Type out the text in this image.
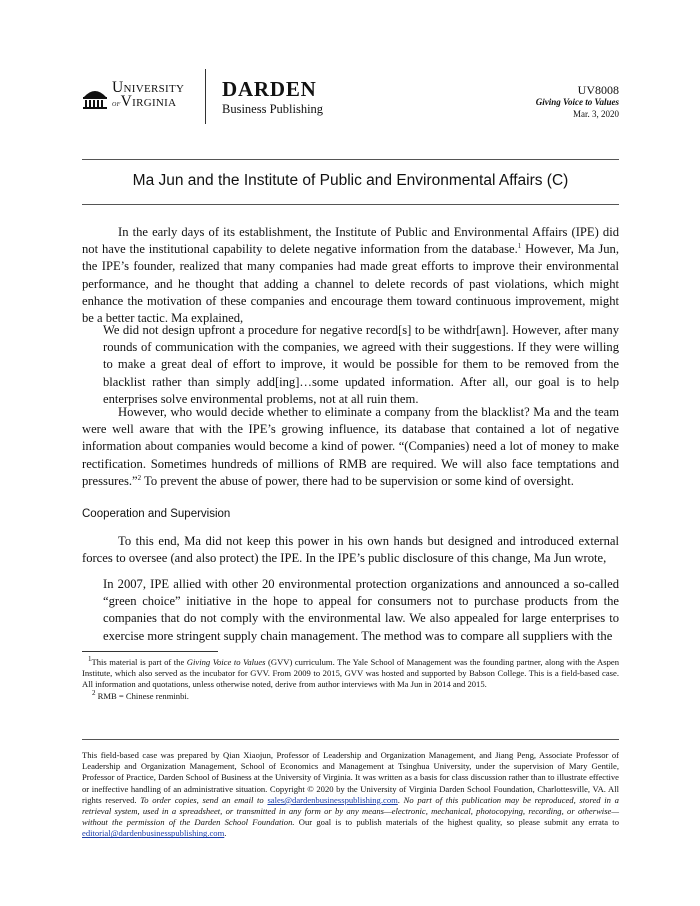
University
ofVirginia
DARDEN
Business Publishing
UV8008
Giving Voice to Values
Mar. 3, 2020
Ma Jun and the Institute of Public and Environmental Affairs (C)

In the early days of its establishment, the Institute of Public and Environmental Affairs (IPE) did not have the institutional capability to delete negative information from the database.$^1$ However, Ma Jun, the IPE’s founder, realized that many companies had made great efforts to improve their environmental performance, and he thought that adding a channel to delete records of past violations, which might enhance the motivation of these companies and encourage them toward continuous improvement, might be a better tactic. Ma explained,

We did not design upfront a procedure for negative record[s] to be withdr[awn]. However, after many rounds of communication with the companies, we agreed with their suggestions. If they were willing to make a great deal of effort to improve, it would be possible for them to be removed from the blacklist rather than simply add[ing]…some updated information. After all, our goal is to help enterprises solve environmental problems, not at all ruin them.

However, who would decide whether to eliminate a company from the blacklist? Ma and the team were well aware that with the IPE’s growing influence, its database that contained a lot of negative information about companies would become a kind of power. “(Companies) need a lot of money to make rectification. Sometimes hundreds of millions of RMB are required. We will also face temptations and pressures.”$^2$ To prevent the abuse of power, there had to be supervision or some kind of oversight.

Cooperation and Supervision

To this end, Ma did not keep this power in his own hands but designed and introduced external forces to oversee (and also protect) the IPE. In the IPE’s public disclosure of this change, Ma Jun wrote,

In 2007, IPE allied with other 20 environmental protection organizations and announced a so-called “green choice” initiative in the hope to appeal for consumers not to purchase products from the companies that do not comply with the environmental law. We also appealed for large enterprises to exercise more stringent supply chain management. The method was to compare all suppliers with the

$^1$This material is part of the Giving Voice to Values (GVV) curriculum. The Yale School of Management was the founding partner, along with the Aspen Institute, which also served as the incubator for GVV. From 2009 to 2015, GVV was hosted and supported by Babson College. This is a field-based case. All information and quotations, unless otherwise noted, derive from author interviews with Ma Jun in 2014 and 2015.

$^2$ RMB = Chinese renminbi.

This field-based case was prepared by Qian Xiaojun, Professor of Leadership and Organization Management, and Jiang Peng, Associate Professor of Leadership and Organization Management, School of Economics and Management at Tsinghua University, under the supervision of Mary Gentile, Professor of Practice, Darden School of Business at the University of Virginia. It was written as a basis for class discussion rather than to illustrate effective or ineffective handling of an administrative situation. Copyright © 2020 by the University of Virginia Darden School Foundation, Charlottesville, VA. All rights reserved. To order copies, send an email to sales@dardenbusinesspublishing.com. No part of this publication may be reproduced, stored in a retrieval system, used in a spreadsheet, or transmitted in any form or by any means—electronic, mechanical, photocopying, recording, or otherwise—without the permission of the Darden School Foundation. Our goal is to publish materials of the highest quality, so please submit any errata to editorial@dardenbusinesspublishing.com.
